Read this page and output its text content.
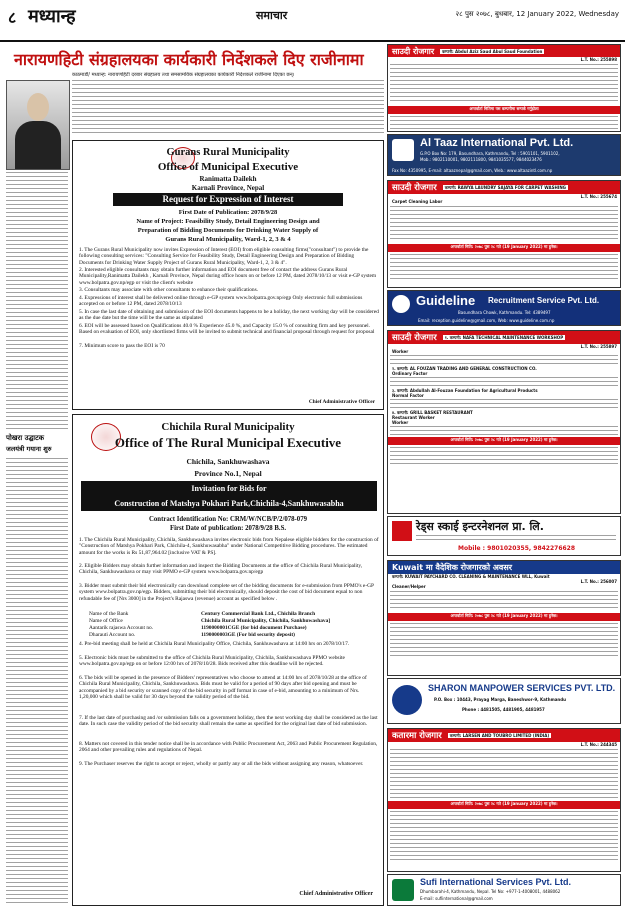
८ मध्यान्ह	समाचार	२८ पुस २०७८, बुधबार, 12 January 2022, Wednesday
नारायणहिटी संग्रहालयका कार्यकारी निर्देशकले दिए राजीनामा
काठमाडौं/ मध्यान्ह: नारायणहिटी दरबार संग्रहालय तथा समसामयिक संग्रहालयका कार्यकारी निर्देशकले राजीनामा दिएका छन्।
पोखरा उद्घाटक
जलयंत्री गयाना शुरु
Gurans Rural Municipality
Office of Municipal Executive
Ranimatta Dailekh
Karnali Province, Nepal
Request for Expression of Interest
First Date of Publication: 2078/9/28
Name of Project: Feasibility Study, Detail Engineering Design and
Preparation of Bidding Documents for Drinking Water Supply of
Gurans Rural Municipality, Ward-1, 2, 3 & 4
1. The Gurans Rural Municipality now invites Expression of Interest (EOI) from eligible consulting firms("consultant") to provide the following consulting services: "Consulting Service for Feasibility Study, Detail Engineering Design and Preparation of Bidding Documents for Drinking Water Supply Project of Gurans Rural Municipality, Ward-1, 2, 3 & 4".
2. Interested eligible consultants may obtain further information and EOI document free of contact the address Gurans Rural Municipality,Ranimatta Dailekh , Karnali Province, Nepal during office hours on or before 12 PM, dated 2078/10/13 or visit e-GP system www.bolpatra.gov.np/egp or visit the client's website
3. Consultants may associate with other consultants to enhance their qualifications.
4. Expressions of interest shall be delivered online through e-GP system www.bolpatra.gov.np/egp Only electronic full submissions accepted on or before 12 PM, dated 2078/10/13
5. In case the last date of obtaining and submission of the EOI documents happens to be a holiday, the next working day will be considered as the due date but the time will be the same as stipulated
6. EOI will be assessed based on Qualifications 40.0 % Experience 45.0 %, and Capacity 15.0 % of consulting firm and key personnel. Based on evaluation of EOI, only shortlisted firms will be invited to submit technical and financial proposal through request for proposal
7. Minimum score to pass the EOI is 70
Chief Administrative Officer
Chichila Rural Municipality
Office of The Rural Municipal Executive
Chichila, Sankhuwashava
Province No.1, Nepal
Invitation for Bids for
Construction of Matshya Pokhari Park,Chichila-4,Sankhuwasabha
Contract Identification No: CRM/W/NCB/P/2/078-079
First Date of publication: 2078/9/28 B.S.
1. The Chichila Rural Municipality, Chichila, Sankhuwashava invites electronic bids from Nepalese eligible bidders for the construction of "Construction of Matshya Pokhari Park, Chichila-4, Sankhuwasabha" under National Competitive Bidding procedures. The estimated amount for the works is Rs 51,87,964.02 [inclusive VAT & PS].
2. Eligible Bidders may obtain further information and inspect the Bidding Documents at the office of Chichila Rural Municipality, Chichila, Sankhuwashava or may visit PPMO e-GP system www.bolpatra.gov.np/egp
3. Bidder must submit their bid electronically can download complete set of the bidding documents for e-submission from PPMO's e-GP system www.bolpatra.gov.np/egp. Bidders, submitting their bid electronically, should deposit the cost of bid document equal to non refundable fee of [Nrs 3000] in the Project's Rajaswa (revenue) account as specified below .
Name of the Bank	Century Commercial Bank Ltd., Chichila Branch
Name of Office	Chichila Rural Municipality, Chichila, Sankhuwashava]
Aantarik rajaswa Account no.	1190000001CGE (for bid document Purchase)
Dharauti Account no.	1190000003GE (For bid security deposit)
4. Pre-bid meeting shall be held at Chichila Rural Municipality Office, Chichila, Sankhuwashava at 14:00 hrs on 2078/10/17.
5. Electronic bids must be submitted to the office of Chichila Rural Municipality, Chichila, Sankhuwashava PPMO website www.bolpatra.gov.np/egp on or before 12:00 hrs of 2078/10/28. Bids received after this deadline will be rejected.
6. The bids will be opened in the presence of Bidders' representatives who choose to attend at 14:00 hrs of 2078/10/28 at the office of Chichila Rural Municipality, Chichila, Sankhuwashava. Bids must be valid for a period of 90 days after bid opening and must be accompanied by a bid security or scanned copy of the bid security in pdf format in case of e-bid, amounting to a minimum of Nrs. 1,20,000 which shall be valid for 30 days beyond the validity period of the bid.
7. If the last date of purchasing and /or submission falls on a government holiday, then the next working day shall be considered as the last date. In such case the validity period of the bid security shall remain the same as specified for the original last date of bid submission.
8. Matters not covered in this tender notice shall be in accordance with Public Procurement Act, 2063 and Public Procurement Regulation, 2064 and other prevailing rules and regulations of Nepal.
9. The Purchaser reserves the right to accept or reject, wholly or partly any or all the bids without assigning any reason, whatsoever.
Chief Administrative Officer
साउदी रोजगार	कम्पनी: Abdul Aziz Saud Abul Saud Foundation
L.T. No.: 255898
अन्तर्वार्ता मितिमा यस कम्पनीमा सम्पर्क गर्नुहोला
Al Taaz International Pvt. Ltd.
G.P.O Box No: 179, Basundhara, Kathmandu, Tel : 5901101, 5901102,
Mob.: 9802110001, 9802111800, 9841035577, 9844023476
Fax No: 4350995, E-mail: altaaznepal@gmail.com, Web.: www.altaazintl.com.np
साउदी रोजगार	कम्पनी: RAWYA LAUNDRY SAJAYA FOR CARPET WASHING
L.T. No.: 255674
Carpet Cleaning Labor
अन्तर्वार्ता मिति: २०७८ पुस २८ गते (19 January 2022) मा हुनेछ।
Guideline Recruitment Service Pvt. Ltd.
Basundhara Chowk, Kathmandu. Tel: 4389497
Email: reception.guideline@gmail.com, Web: www.guideline.com.np
साउदी रोजगार	१. कम्पनी: NAFA TECHNICAL MAINTENANCE WORKSHOP
L.T. No.: 255897
Worker
२. कम्पनी: AL FOUZAN TRADING AND GENERAL CONSTRUCTION CO.
Ordinary Factor
३. कम्पनी: Abdullah Al-Fouzan Foundation for Agricultural Products
Normal Factor
४. कम्पनी: GRILL BASKET RESTAURANT
Restaurant Worker
Worker
अन्तर्वार्ता मिति: २०७८ पुस २८ गते (19 January 2022) मा हुनेछ।
रेड्स स्काई इन्टरनेशनल प्रा. लि.
Mobile : 9801020355, 9842276628
Kuwait मा वैदेशिक रोजगारको अवसर
कम्पनी: KUWAIT PAYCHARD CO. CLEANING & MAINTENANCE WLL, Kuwait
L.T. No.: 256007
Cleaner/Helper
अन्तर्वार्ता मिति: २०७८ पुस २८ गते (19 January 2022) मा हुनेछ।
SHARON MANPOWER SERVICES PVT. LTD.
P.O. Box : 10443, Prayag Marga, Baneshwor-9, Kathmandu
Phone : 4481505, 4481905, 4481957
कतारमा रोजगार	कम्पनी: LARSEN AND TOUBRO LIMITED (INDIA)
L.T. No.: 244345
अन्तर्वार्ता मिति: २०७८ पुस २८ गते (19 January 2022) मा हुनेछ।
Sufi International Services Pvt. Ltd.
Dhumbarahi-4, Kathmandu, Nepal. Tel No: +977-1-4008001, 4488062
E-mail: sufiinternational@gmail.com
